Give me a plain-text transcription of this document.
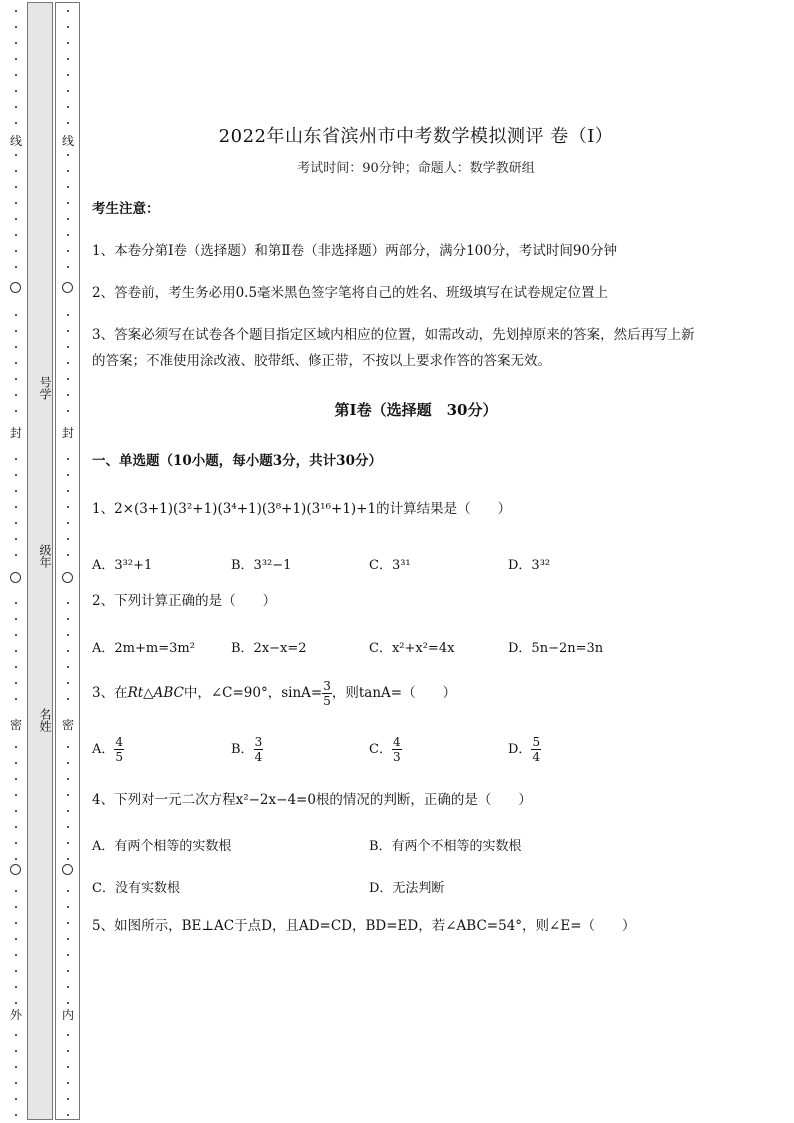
线
封
密
外
号学
级年
名姓
线
封
密
内
2022年山东省滨州市中考数学模拟测评 卷（Ⅰ）
考试时间：90分钟；命题人：数学教研组
考生注意：
1、本卷分第I卷（选择题）和第Ⅱ卷（非选择题）两部分，满分100分，考试时间90分钟
2、答卷前，考生务必用0.5毫米黑色签字笔将自己的姓名、班级填写在试卷规定位置上
3、答案必须写在试卷各个题目指定区域内相应的位置，如需改动，先划掉原来的答案，然后再写上新
的答案；不准使用涂改液、胶带纸、修正带，不按以上要求作答的答案无效。
第Ⅰ卷（选择题　30分）
一、单选题（10小题，每小题3分，共计30分）
1、2×(3+1)(3²+1)(3⁴+1)(3⁸+1)(3¹⁶+1)+1的计算结果是（　　）
A．3³²+1	B．3³²−1	C．3³¹	D．3³²
2、下列计算正确的是（　　）
A．2m+m=3m²	B．2x−x=2	C．x²+x²=4x	D．5n−2n=3n
3、在Rt△ABC中，∠C=90°，$\sin A= \frac{3}{5}$ ，则tanA=（　　）
A． $\frac{4}{5}$	B． $\frac{3}{4}$	C． $\frac{4}{3}$	D． $\frac{5}{4}$
4、下列对一元二次方程x²−2x−4=0根的情况的判断，正确的是（　　）
A．有两个相等的实数根	B．有两个不相等的实数根
C．没有实数根	D．无法判断
5、如图所示，BE⊥AC于点D，且AD=CD，BD=ED，若∠ABC=54°，则∠E=（　　）
